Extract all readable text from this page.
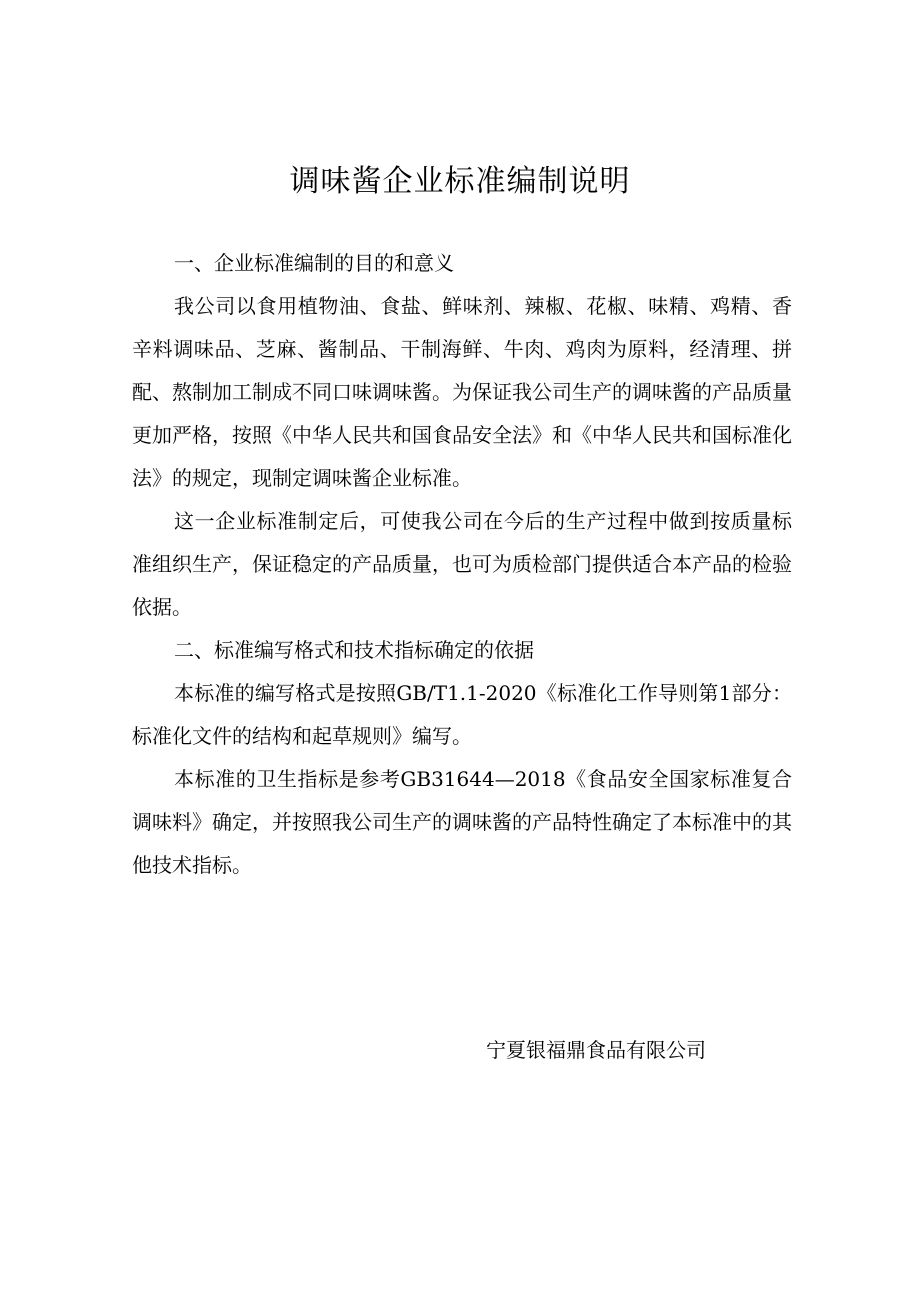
调味酱企业标准编制说明
一、企业标准编制的目的和意义

我公司以食用植物油、食盐、鲜味剂、辣椒、花椒、味精、鸡精、香辛料调味品、芝麻、酱制品、干制海鲜、牛肉、鸡肉为原料，经清理、拼配、熬制加工制成不同口味调味酱。为保证我公司生产的调味酱的产品质量更加严格，按照《中华人民共和国食品安全法》和《中华人民共和国标准化法》的规定，现制定调味酱企业标准。

这一企业标准制定后，可使我公司在今后的生产过程中做到按质量标准组织生产，保证稳定的产品质量，也可为质检部门提供适合本产品的检验依据。

二、标准编写格式和技术指标确定的依据

本标准的编写格式是按照GB/T1.1-2020《标准化工作导则第1部分：标准化文件的结构和起草规则》编写。

本标准的卫生指标是参考GB31644—2018《食品安全国家标准复合调味料》确定，并按照我公司生产的调味酱的产品特性确定了本标准中的其他技术指标。

宁夏银福鼎食品有限公司
